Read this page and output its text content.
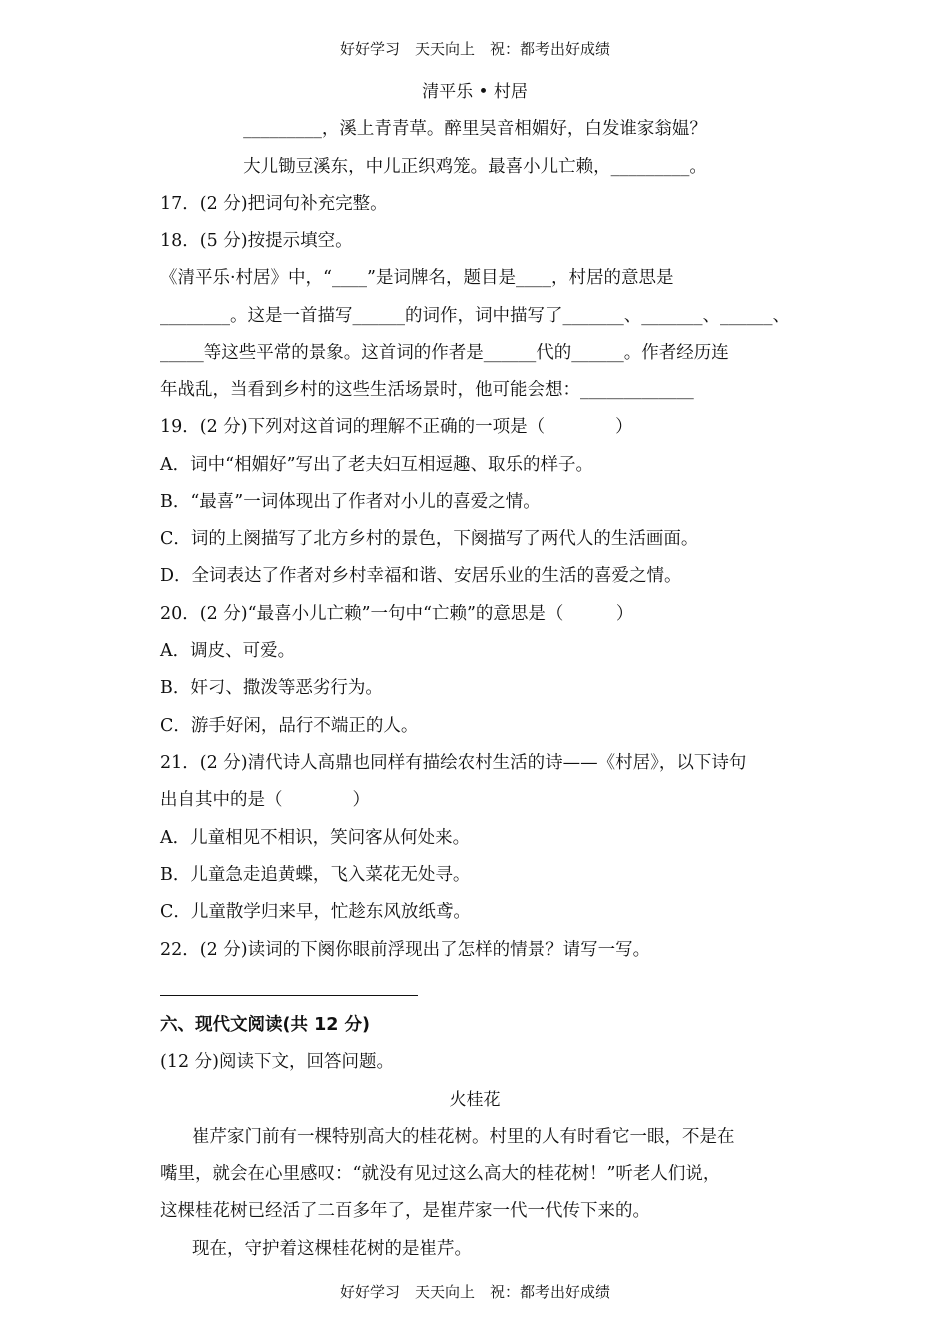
好好学习　天天向上　祝：都考出好成绩
清平乐 • 村居
_________，溪上青青草。醉里吴音相媚好，白发谁家翁媪？
大儿锄豆溪东，中儿正织鸡笼。最喜小儿亡赖，_________。
17．(2 分)把词句补充完整。
18．(5 分)按提示填空。
《清平乐·村居》中，“____”是词牌名，题目是____，村居的意思是
________。这是一首描写______的词作，词中描写了_______、_______、______、
_____等这些平常的景象。这首词的作者是______代的______。作者经历连
年战乱，当看到乡村的这些生活场景时，他可能会想：_____________
19．(2 分)下列对这首词的理解不正确的一项是（　　　　）
A．词中“相媚好”写出了老夫妇互相逗趣、取乐的样子。
B．“最喜”一词体现出了作者对小儿的喜爱之情。
C．词的上阕描写了北方乡村的景色，下阕描写了两代人的生活画面。
D．全词表达了作者对乡村幸福和谐、安居乐业的生活的喜爱之情。
20．(2 分)“最喜小儿亡赖”一句中“亡赖”的意思是（　　　）
A．调皮、可爱。
B．奸刁、撒泼等恶劣行为。
C．游手好闲，品行不端正的人。
21．(2 分)清代诗人高鼎也同样有描绘农村生活的诗——《村居》，以下诗句
出自其中的是（　　　　）
A．儿童相见不相识，笑问客从何处来。
B．儿童急走追黄蝶，飞入菜花无处寻。
C．儿童散学归来早，忙趁东风放纸鸢。
22．(2 分)读词的下阕你眼前浮现出了怎样的情景？请写一写。
六、现代文阅读(共 12 分)
(12 分)阅读下文，回答问题。
火桂花
崔芹家门前有一棵特别高大的桂花树。村里的人有时看它一眼，不是在
嘴里，就会在心里感叹：“就没有见过这么高大的桂花树！”听老人们说，
这棵桂花树已经活了二百多年了，是崔芹家一代一代传下来的。
现在，守护着这棵桂花树的是崔芹。
好好学习　天天向上　祝：都考出好成绩
